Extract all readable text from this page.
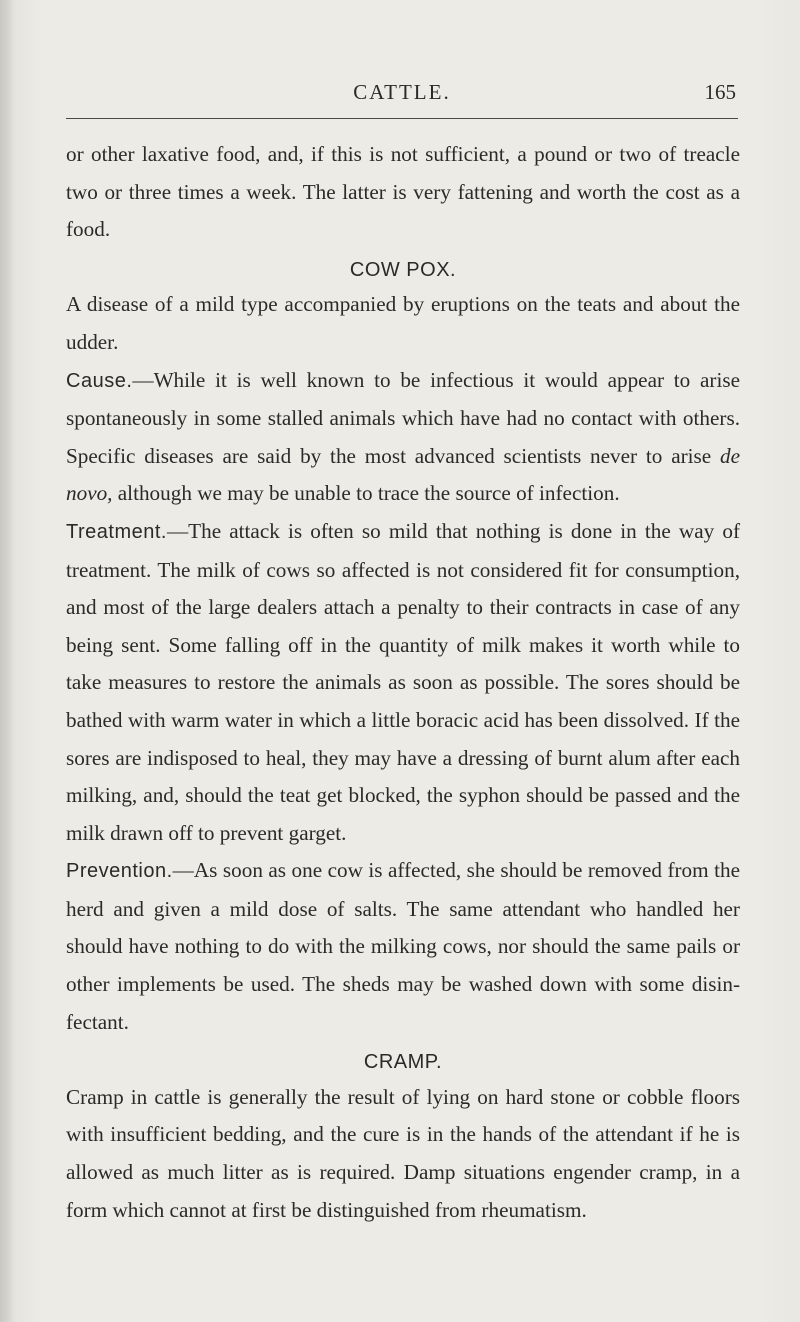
CATTLE.	165

or other laxative food, and, if this is not sufficient, a pound or two of treacle two or three times a week. The latter is very fattening and worth the cost as a food.

COW POX.

A disease of a mild type accompanied by eruptions on the teats and about the udder.

Cause.—While it is well known to be infectious it would appear to arise spontaneously in some stalled animals which have had no contact with others. Specific diseases are said by the most advanced scientists never to arise de novo, although we may be unable to trace the source of infection.

Treatment.—The attack is often so mild that nothing is done in the way of treatment. The milk of cows so affected is not considered fit for consumption, and most of the large dealers attach a penalty to their contracts in case of any being sent. Some falling off in the quantity of milk makes it worth while to take measures to restore the animals as soon as possible. The sores should be bathed with warm water in which a little boracic acid has been dissolved. If the sores are indisposed to heal, they may have a dressing of burnt alum after each milking, and, should the teat get blocked, the syphon should be passed and the milk drawn off to prevent garget.

Prevention.—As soon as one cow is affected, she should be removed from the herd and given a mild dose of salts. The same attendant who handled her should have nothing to do with the milking cows, nor should the same pails or other implements be used. The sheds may be washed down with some disin- fectant.

CRAMP.

Cramp in cattle is generally the result of lying on hard stone or cobble floors with insufficient bedding, and the cure is in the hands of the attendant if he is allowed as much litter as is required. Damp situations engender cramp, in a form which cannot at first be distinguished from rheumatism.
